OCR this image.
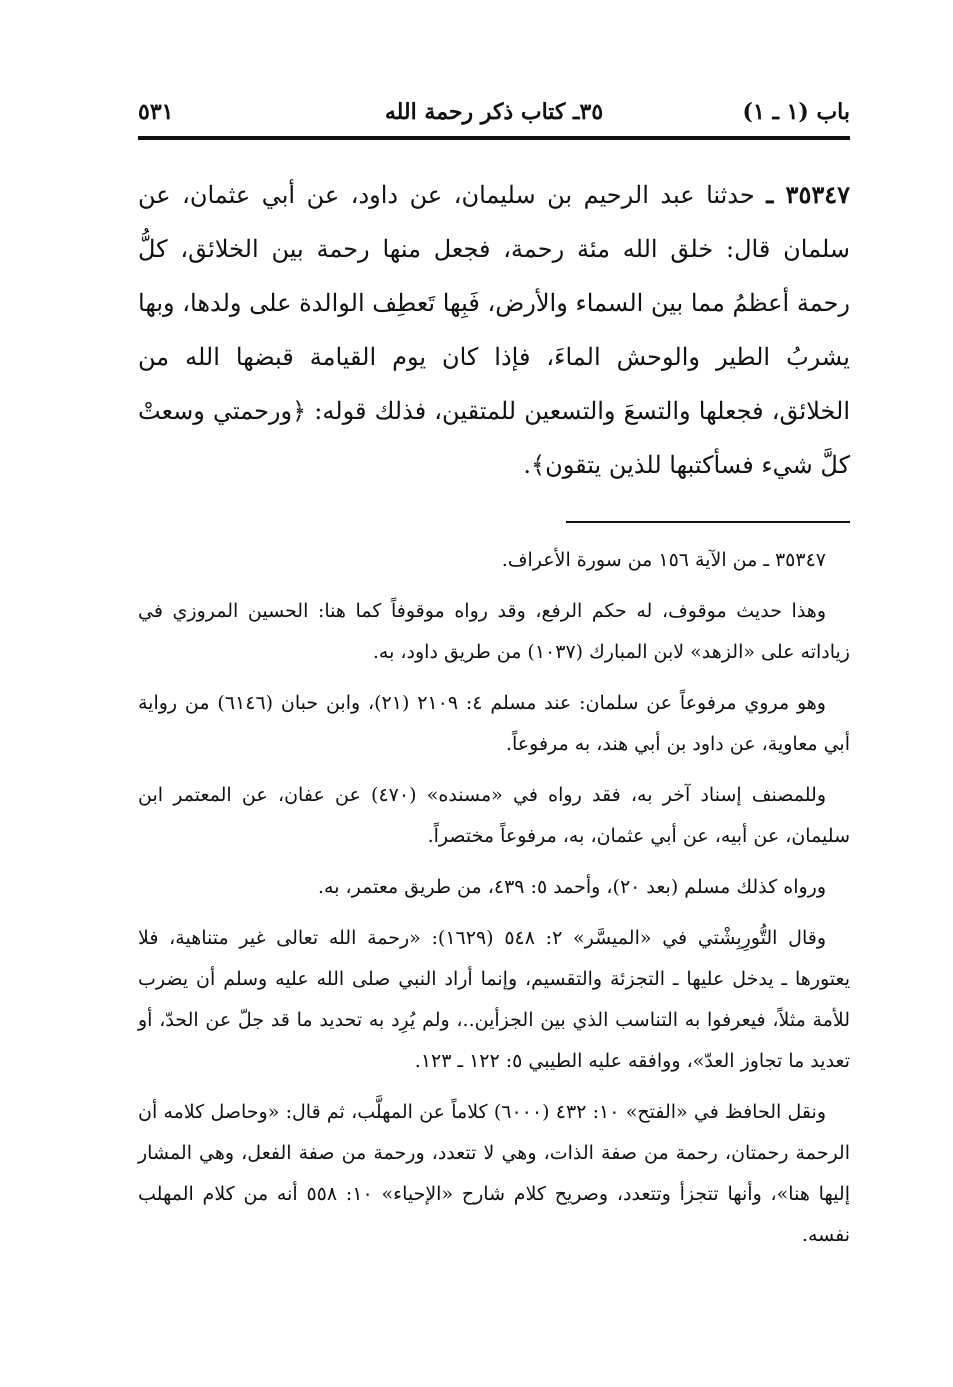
باب (١ ـ ١)
٣٥ـ كتاب ذكر رحمة الله
٥٣١

٣٥٣٤٧ ـ حدثنا عبد الرحيم بن سليمان، عن داود، عن أبي عثمان، عن سلمان قال: خلق الله مئة رحمة، فجعل منها رحمة بين الخلائق، كلُّ رحمة أعظمُ مما بين السماء والأرض، فَبِها تَعطِف الوالدة على ولدها، وبها يشربُ الطير والوحش الماءَ، فإذا كان يوم القيامة قبضها الله من الخلائق، فجعلها والتسعَ والتسعين للمتقين، فذلك قوله: ﴿ورحمتي وسعتْ كلَّ شيء فسأكتبها للذين يتقون﴾.

٣٥٣٤٧ ـ من الآية ١٥٦ من سورة الأعراف.

وهذا حديث موقوف، له حكم الرفع، وقد رواه موقوفاً كما هنا: الحسين المروزي في زياداته على «الزهد» لابن المبارك (١٠٣٧) من طريق داود، به.

وهو مروي مرفوعاً عن سلمان: عند مسلم ٤: ٢١٠٩ (٢١)، وابن حبان (٦١٤٦) من رواية أبي معاوية، عن داود بن أبي هند، به مرفوعاً.

وللمصنف إسناد آخر به، فقد رواه في «مسنده» (٤٧٠) عن عفان، عن المعتمر ابن سليمان، عن أبيه، عن أبي عثمان، به، مرفوعاً مختصراً.

ورواه كذلك مسلم (بعد ٢٠)، وأحمد ٥: ٤٣٩، من طريق معتمر، به.

وقال التُّورِبِشْتي في «الميسَّر» ٢: ٥٤٨ (١٦٢٩): «رحمة الله تعالى غير متناهية، فلا يعتورها ـ يدخل عليها ـ التجزئة والتقسيم، وإنما أراد النبي صلى الله عليه وسلم أن يضرب للأمة مثلاً، فيعرفوا به التناسب الذي بين الجزأين..، ولم يُرِد به تحديد ما قد جلّ عن الحدّ، أو تعديد ما تجاوز العدّ»، ووافقه عليه الطيبي ٥: ١٢٢ ـ ١٢٣.

ونقل الحافظ في «الفتح» ١٠: ٤٣٢ (٦٠٠٠) كلاماً عن المهلَّب، ثم قال: «وحاصل كلامه أن الرحمة رحمتان، رحمة من صفة الذات، وهي لا تتعدد، ورحمة من صفة الفعل، وهي المشار إليها هنا»، وأنها تتجزأ وتتعدد، وصريح كلام شارح «الإحياء» ١٠: ٥٥٨ أنه من كلام المهلب نفسه.
